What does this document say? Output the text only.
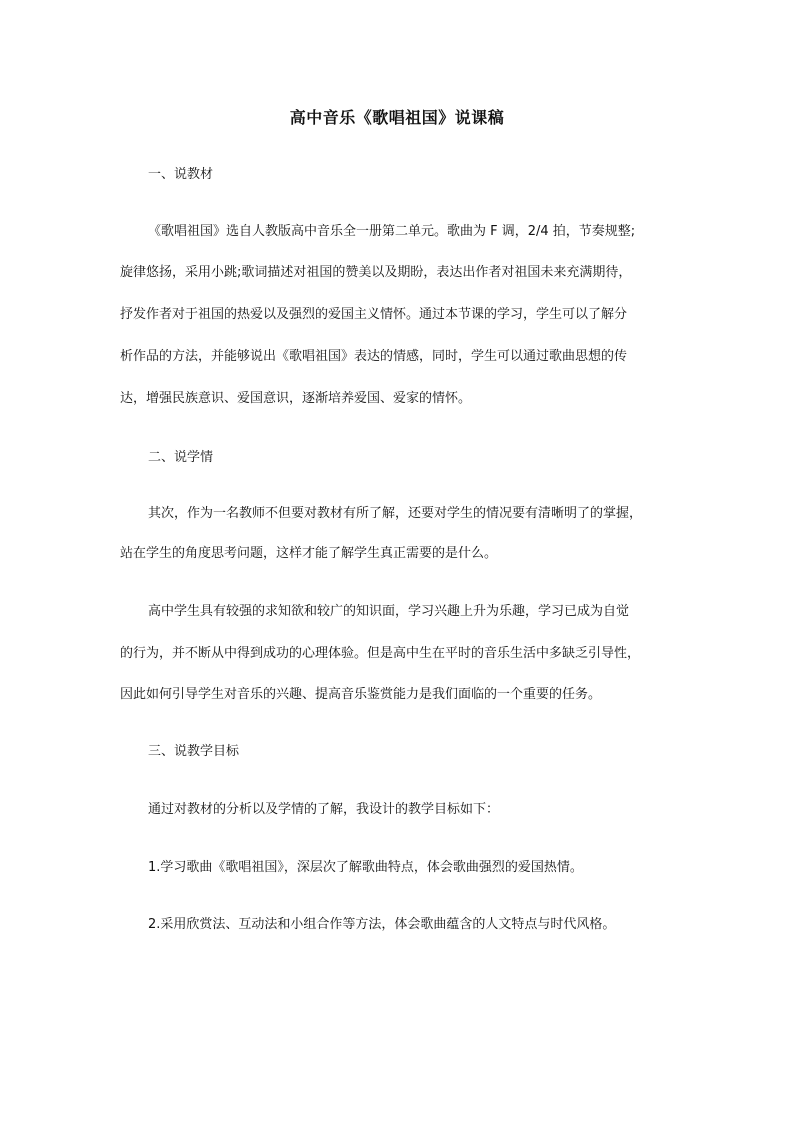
高中音乐《歌唱祖国》说课稿
一、说教材
《歌唱祖国》选自人教版高中音乐全一册第二单元。歌曲为 F 调，2/4 拍，节奏规整;
旋律悠扬，采用小跳;歌词描述对祖国的赞美以及期盼，表达出作者对祖国未来充满期待，
抒发作者对于祖国的热爱以及强烈的爱国主义情怀。通过本节课的学习，学生可以了解分
析作品的方法，并能够说出《歌唱祖国》表达的情感，同时，学生可以通过歌曲思想的传
达，增强民族意识、爱国意识，逐渐培养爱国、爱家的情怀。
二、说学情
其次，作为一名教师不但要对教材有所了解，还要对学生的情况要有清晰明了的掌握，
站在学生的角度思考问题，这样才能了解学生真正需要的是什么。
高中学生具有较强的求知欲和较广的知识面，学习兴趣上升为乐趣，学习已成为自觉
的行为，并不断从中得到成功的心理体验。但是高中生在平时的音乐生活中多缺乏引导性，
因此如何引导学生对音乐的兴趣、提高音乐鉴赏能力是我们面临的一个重要的任务。
三、说教学目标
通过对教材的分析以及学情的了解，我设计的教学目标如下：
1.学习歌曲《歌唱祖国》，深层次了解歌曲特点，体会歌曲强烈的爱国热情。
2.采用欣赏法、互动法和小组合作等方法，体会歌曲蕴含的人文特点与时代风格。
